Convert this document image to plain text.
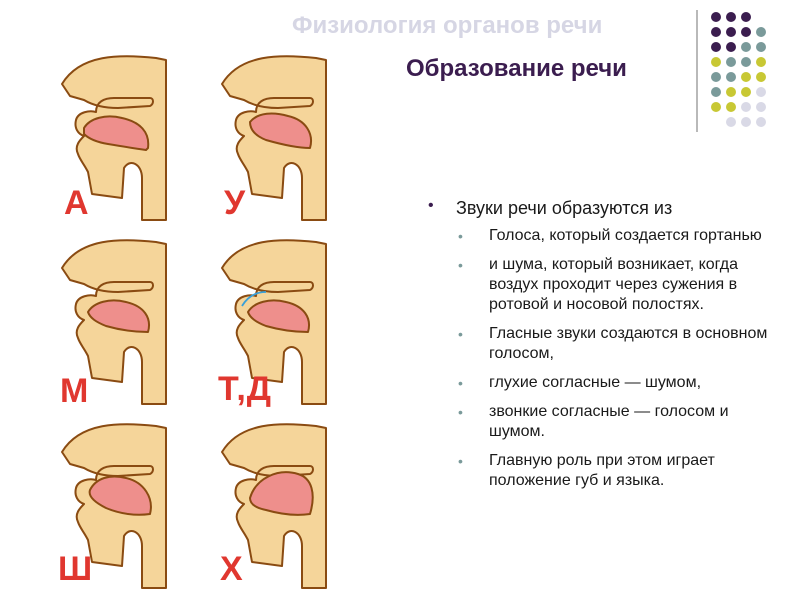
Физиология органов речи
Образование речи
А	У
М	Т,Д
Ш	Х
• Звуки речи образуются из
• Голоса, который создается гортанью
• и шума, который возникает, когда воздух проходит через сужения в ротовой и носовой полостях.
• Гласные звуки создаются в основном голосом,
• глухие согласные — шумом,
• звонкие согласные — голосом и шумом.
• Главную роль при этом играет положение губ и языка.
